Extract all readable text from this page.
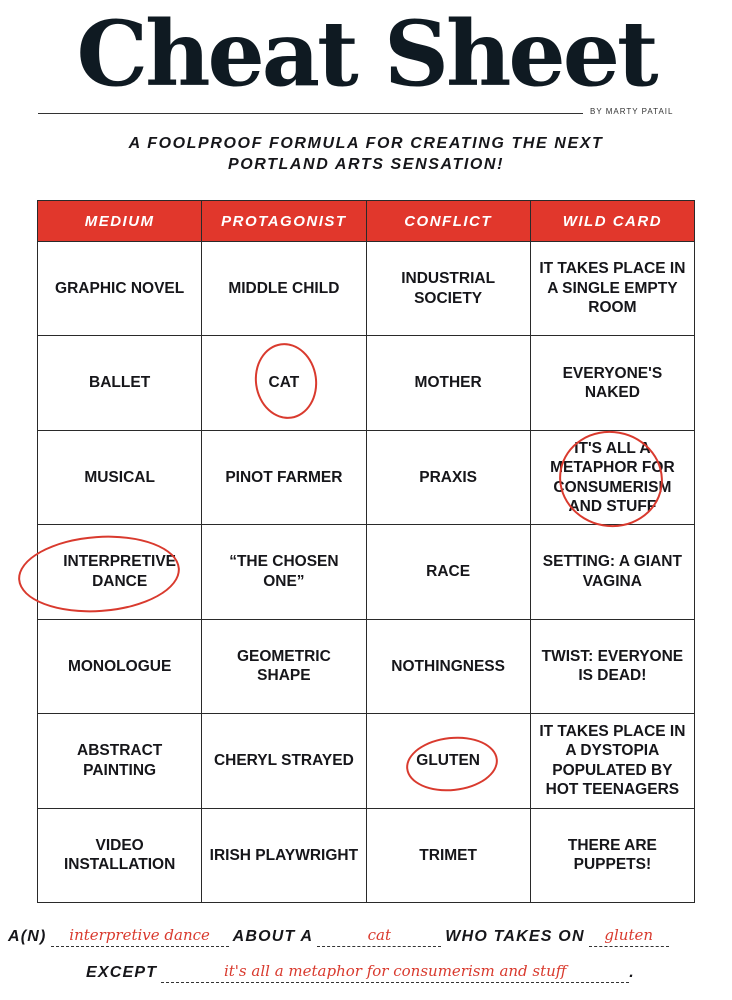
Cheat Sheet
BY MARTY PATAIL
A FOOLPROOF FORMULA FOR CREATING THE NEXT
PORTLAND ARTS SENSATION!
MEDIUM	PROTAGONIST	CONFLICT	WILD CARD
GRAPHIC NOVEL	MIDDLE CHILD	INDUSTRIAL SOCIETY	IT TAKES PLACE IN A SINGLE EMPTY ROOM
BALLET	CAT	MOTHER	EVERYONE'S NAKED
MUSICAL	PINOT FARMER	PRAXIS	IT'S ALL A METAPHOR FOR CONSUMERISM AND STUFF

INTERPRETIVE DANCE	“THE CHOSEN ONE”	RACE	SETTING: A GIANT VAGINA
MONOLOGUE	GEOMETRIC SHAPE	NOTHINGNESS	TWIST: EVERYONE IS DEAD!
ABSTRACT PAINTING	CHERYL STRAYED	GLUTEN	IT TAKES PLACE IN A DYSTOPIA POPULATED BY HOT TEENAGERS
VIDEO INSTALLATION	IRISH PLAYWRIGHT	TRIMET	THERE ARE PUPPETS!
A(N)	interpretive dance	ABOUT A	cat	WHO TAKES ON	gluten

EXCEPT	it's all a metaphor for consumerism and stuff	.
